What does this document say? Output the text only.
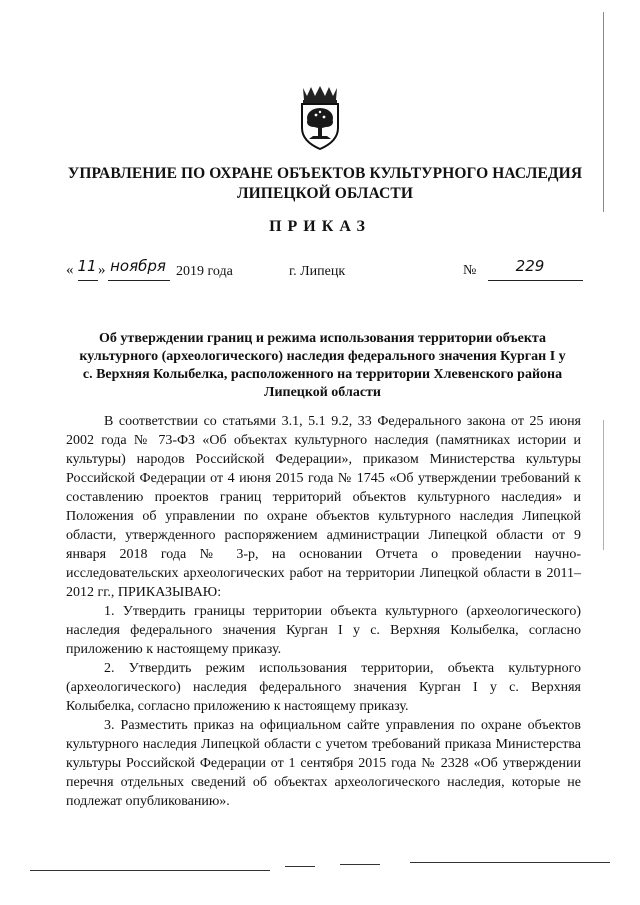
УПРАВЛЕНИЕ ПО ОХРАНЕ ОБЪЕКТОВ КУЛЬТУРНОГО НАСЛЕДИЯ
ЛИПЕЦКОЙ ОБЛАСТИ
ПРИКАЗ
« 11 » ноября 2019 года	г. Липецк	№	229
Об утверждении границ и режима использования территории объекта
культурного (археологического) наследия федерального значения Курган I у
с. Верхняя Колыбелка, расположенного на территории Хлевенского района
Липецкой области

В соответствии со статьями 3.1, 5.1 9.2, 33 Федерального закона от 25 июня 2002 года № 73-ФЗ «Об объектах культурного наследия (памятниках истории и культуры) народов Российской Федерации», приказом Министерства культуры Российской Федерации от 4 июня 2015 года № 1745 «Об утверждении требований к составлению проектов границ территорий объектов культурного наследия» и Положения об управлении по охране объектов культурного наследия Липецкой области, утвержденного распоряжением администрации Липецкой области от 9 января 2018 года № 3-р, на основании Отчета о проведении научно-исследовательских археологических работ на территории Липецкой области в 2011–2012 гг., ПРИКАЗЫВАЮ:

1. Утвердить границы территории объекта культурного (археологического) наследия федерального значения Курган I у с. Верхняя Колыбелка, согласно приложению к настоящему приказу.

2. Утвердить режим использования территории, объекта культурного (археологического) наследия федерального значения Курган I у с. Верхняя Колыбелка, согласно приложению к настоящему приказу.

3. Разместить приказ на официальном сайте управления по охране объектов культурного наследия Липецкой области с учетом требований приказа Министерства культуры Российской Федерации от 1 сентября 2015 года № 2328 «Об утверждении перечня отдельных сведений об объектах археологического наследия, которые не подлежат опубликованию».
